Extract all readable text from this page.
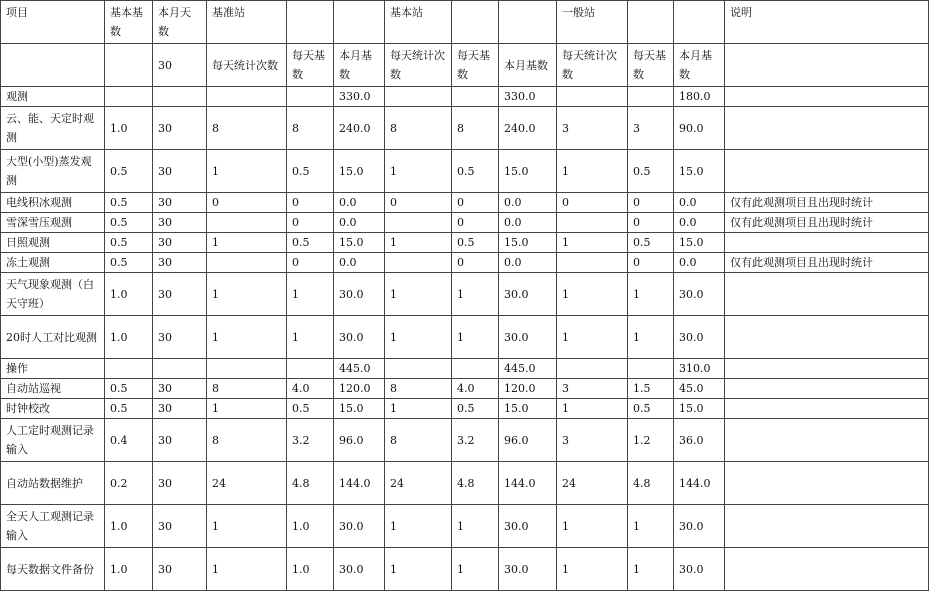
项目	基本基数	本月天数	基准站			基本站			一般站			说明
		30	每天统计次数	每天基数	本月基数	每天统计次数	每天基数	本月基数	每天统计次数	每天基数	本月基数	
观测					330.0			330.0			180.0	
云、能、天定时观测	1.0	30	8	8	240.0	8	8	240.0	3	3	90.0	
大型(小型)蒸发观测	0.5	30	1	0.5	15.0	1	0.5	15.0	1	0.5	15.0	
电线积冰观测	0.5	30	0	0	0.0	0	0	0.0	0	0	0.0	仅有此观测项目且出现时统计
雪深雪压观测	0.5	30		0	0.0		0	0.0		0	0.0	仅有此观测项目且出现时统计
日照观测	0.5	30	1	0.5	15.0	1	0.5	15.0	1	0.5	15.0	
冻土观测	0.5	30		0	0.0		0	0.0		0	0.0	仅有此观测项目且出现时统计
天气现象观测（白天守班）	1.0	30	1	1	30.0	1	1	30.0	1	1	30.0	
20时人工对比观测	1.0	30	1	1	30.0	1	1	30.0	1	1	30.0	
操作					445.0			445.0			310.0	
自动站巡视	0.5	30	8	4.0	120.0	8	4.0	120.0	3	1.5	45.0	
时钟校改	0.5	30	1	0.5	15.0	1	0.5	15.0	1	0.5	15.0	
人工定时观测记录输入	0.4	30	8	3.2	96.0	8	3.2	96.0	3	1.2	36.0	
自动站数据维护	0.2	30	24	4.8	144.0	24	4.8	144.0	24	4.8	144.0	
全天人工观测记录输入	1.0	30	1	1.0	30.0	1	1	30.0	1	1	30.0	
每天数据文件备份	1.0	30	1	1.0	30.0	1	1	30.0	1	1	30.0	
